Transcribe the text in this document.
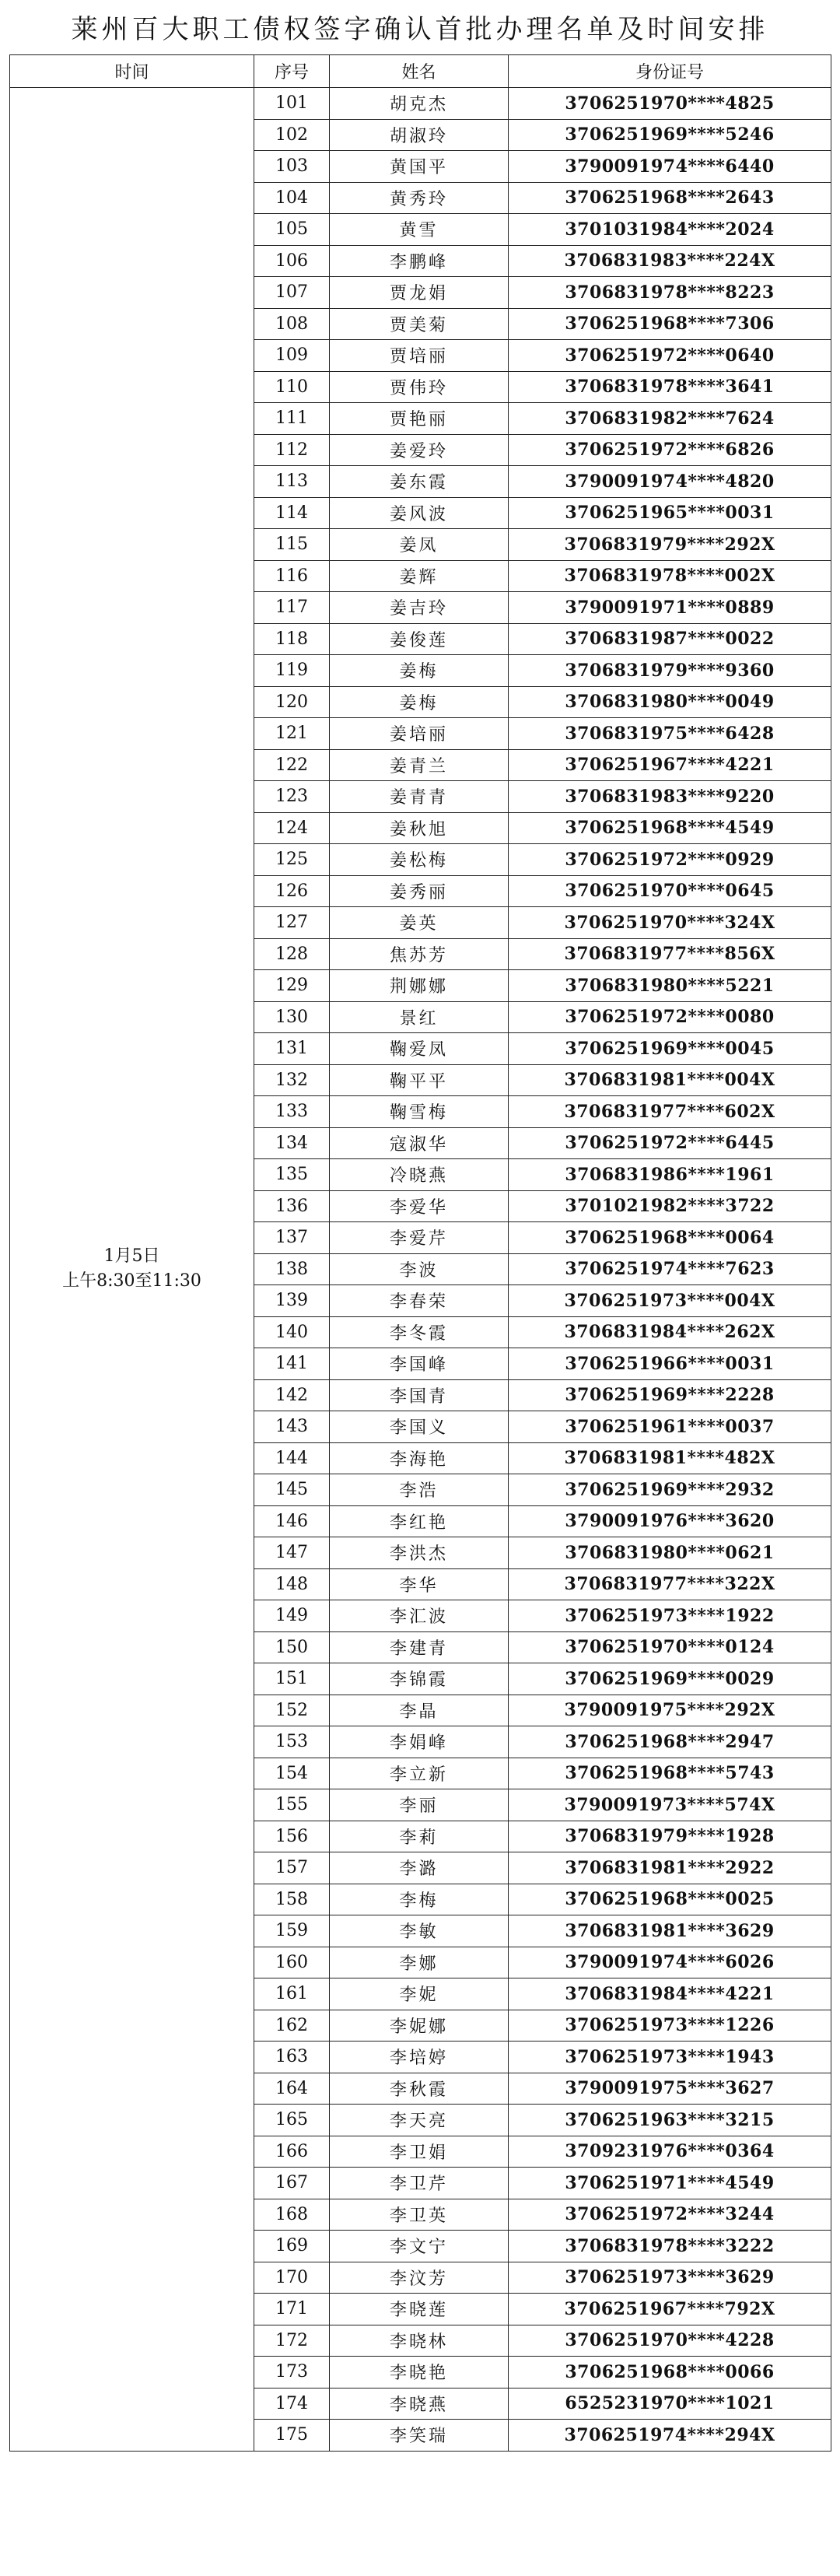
莱州百大职工债权签字确认首批办理名单及时间安排
时间	序号	姓名	身份证号

1月5日
上午8:30至11:30	101	胡克杰	3706251970****4825
	102	胡淑玲	3706251969****5246
	103	黄国平	3790091974****6440
	104	黄秀玲	3706251968****2643
	105	黄雪	3701031984****2024
	106	李鹏峰	3706831983****224X
	107	贾龙娟	3706831978****8223
	108	贾美菊	3706251968****7306
	109	贾培丽	3706251972****0640
	110	贾伟玲	3706831978****3641
	111	贾艳丽	3706831982****7624
	112	姜爱玲	3706251972****6826
	113	姜东霞	3790091974****4820
	114	姜风波	3706251965****0031
	115	姜凤	3706831979****292X
	116	姜辉	3706831978****002X
	117	姜吉玲	3790091971****0889
	118	姜俊莲	3706831987****0022
	119	姜梅	3706831979****9360
	120	姜梅	3706831980****0049
	121	姜培丽	3706831975****6428
	122	姜青兰	3706251967****4221
	123	姜青青	3706831983****9220
	124	姜秋旭	3706251968****4549
	125	姜松梅	3706251972****0929
	126	姜秀丽	3706251970****0645
	127	姜英	3706251970****324X
	128	焦苏芳	3706831977****856X
	129	荆娜娜	3706831980****5221
	130	景红	3706251972****0080
	131	鞠爱凤	3706251969****0045
	132	鞠平平	3706831981****004X
	133	鞠雪梅	3706831977****602X
	134	寇淑华	3706251972****6445
	135	冷晓燕	3706831986****1961
	136	李爱华	3701021982****3722
	137	李爱芹	3706251968****0064
	138	李波	3706251974****7623
	139	李春荣	3706251973****004X
	140	李冬霞	3706831984****262X
	141	李国峰	3706251966****0031
	142	李国青	3706251969****2228
	143	李国义	3706251961****0037
	144	李海艳	3706831981****482X
	145	李浩	3706251969****2932
	146	李红艳	3790091976****3620
	147	李洪杰	3706831980****0621
	148	李华	3706831977****322X
	149	李汇波	3706251973****1922
	150	李建青	3706251970****0124
	151	李锦霞	3706251969****0029
	152	李晶	3790091975****292X
	153	李娟峰	3706251968****2947
	154	李立新	3706251968****5743
	155	李丽	3790091973****574X
	156	李莉	3706831979****1928
	157	李潞	3706831981****2922
	158	李梅	3706251968****0025
	159	李敏	3706831981****3629
	160	李娜	3790091974****6026
	161	李妮	3706831984****4221
	162	李妮娜	3706251973****1226
	163	李培婷	3706251973****1943
	164	李秋霞	3790091975****3627
	165	李天亮	3706251963****3215
	166	李卫娟	3709231976****0364
	167	李卫芹	3706251971****4549
	168	李卫英	3706251972****3244
	169	李文宁	3706831978****3222
	170	李汶芳	3706251973****3629
	171	李晓莲	3706251967****792X
	172	李晓林	3706251970****4228
	173	李晓艳	3706251968****0066
	174	李晓燕	6525231970****1021
	175	李笑瑞	3706251974****294X
